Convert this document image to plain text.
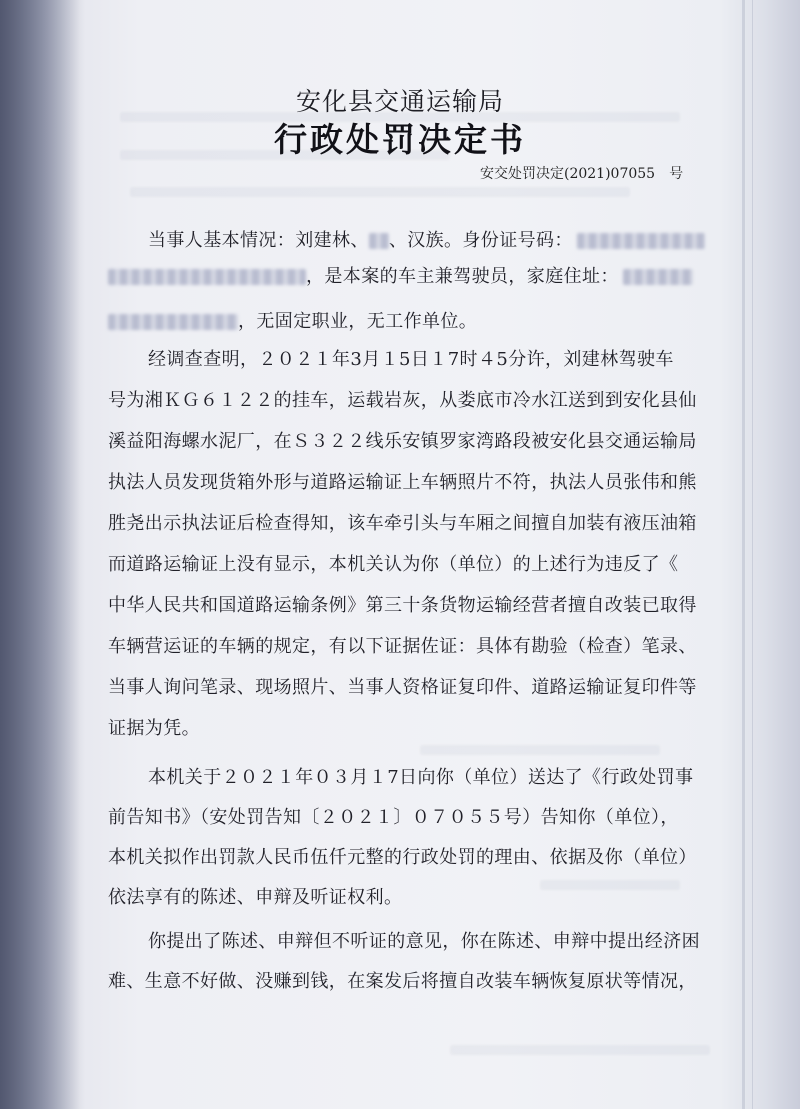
安化县交通运输局
行政处罚决定书
安交处罚决定(2021)07055　号
当事人基本情况：刘建林、 、汉族。身份证号码：
，是本案的车主兼驾驶员，家庭住址：
，无固定职业，无工作单位。
经调查查明，２０２１年3月１5日１7时４5分许，刘建林驾驶车
号为湘ＫＧ６１２２的挂车，运载岩灰，从娄底市冷水江送到到安化县仙
溪益阳海螺水泥厂，在Ｓ３２２线乐安镇罗家湾路段被安化县交通运输局
执法人员发现货箱外形与道路运输证上车辆照片不符，执法人员张伟和熊
胜尧出示执法证后检查得知，该车牵引头与车厢之间擅自加装有液压油箱
而道路运输证上没有显示，本机关认为你（单位）的上述行为违反了《
中华人民共和国道路运输条例》第三十条货物运输经营者擅自改装已取得
车辆营运证的车辆的规定，有以下证据佐证：具体有勘验（检查）笔录、
当事人询问笔录、现场照片、当事人资格证复印件、道路运输证复印件等
证据为凭。
本机关于２０２１年０３月１7日向你（单位）送达了《行政处罚事
前告知书》（安处罚告知〔２０２１〕０７０５５号）告知你（单位），
本机关拟作出罚款人民币伍仟元整的行政处罚的理由、依据及你（单位）
依法享有的陈述、申辩及听证权利。
你提出了陈述、申辩但不听证的意见，你在陈述、申辩中提出经济困
难、生意不好做、没赚到钱，在案发后将擅自改装车辆恢复原状等情况，
